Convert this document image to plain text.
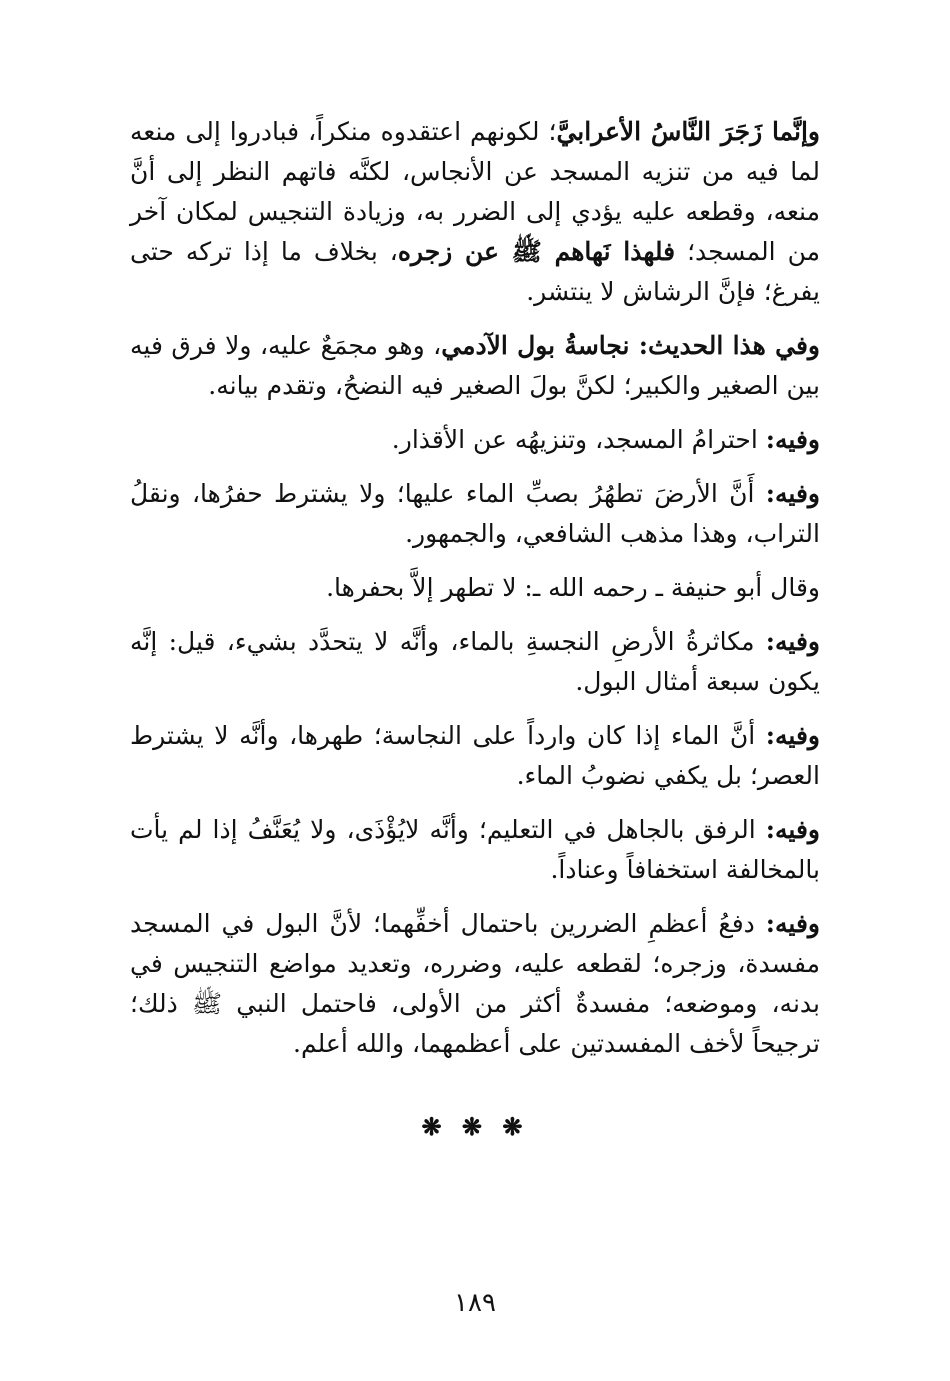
وإنَّما زَجَرَ النَّاسُ الأعرابيَّ؛ لكونهم اعتقدوه منكراً، فبادروا إلى منعه لما فيه من تنزيه المسجد عن الأنجاس، لكنَّه فاتهم النظر إلى أنَّ منعه، وقطعه عليه يؤدي إلى الضرر به، وزيادة التنجيس لمكان آخر من المسجد؛ فلهذا نَهاهم ﷺ عن زجره، بخلاف ما إذا تركه حتى يفرغ؛ فإنَّ الرشاش لا ينتشر.

وفي هذا الحديث: نجاسةُ بول الآدمي، وهو مجمَعٌ عليه، ولا فرق فيه بين الصغير والكبير؛ لكنَّ بولَ الصغير فيه النضحُ، وتقدم بيانه.

وفيه: احترامُ المسجد، وتنزيهُه عن الأقذار.

وفيه: أَنَّ الأرضَ تطهُرُ بصبِّ الماء عليها؛ ولا يشترط حفرُها، ونقلُ التراب، وهذا مذهب الشافعي، والجمهور.

وقال أبو حنيفة ـ رحمه الله ـ: لا تطهر إلاَّ بحفرها.

وفيه: مكاثرةُ الأرضِ النجسةِ بالماء، وأنَّه لا يتحدَّد بشيء، قيل: إنَّه يكون سبعة أمثال البول.

وفيه: أنَّ الماء إذا كان وارداً على النجاسة؛ طهرها، وأنَّه لا يشترط العصر؛ بل يكفي نضوبُ الماء.

وفيه: الرفق بالجاهل في التعليم؛ وأنَّه لايُؤْذَى، ولا يُعَنَّفُ إذا لم يأت بالمخالفة استخفافاً وعناداً.

وفيه: دفعُ أعظمِ الضررين باحتمال أخفِّهما؛ لأنَّ البول في المسجد مفسدة، وزجره؛ لقطعه عليه، وضرره، وتعديد مواضع التنجيس في بدنه، وموضعه؛ مفسدةٌ أكثر من الأولى، فاحتمل النبي ﷺ ذلك؛ ترجيحاً لأخف المفسدتين على أعظمهما، والله أعلم.

❋ ❋ ❋
١٨٩
